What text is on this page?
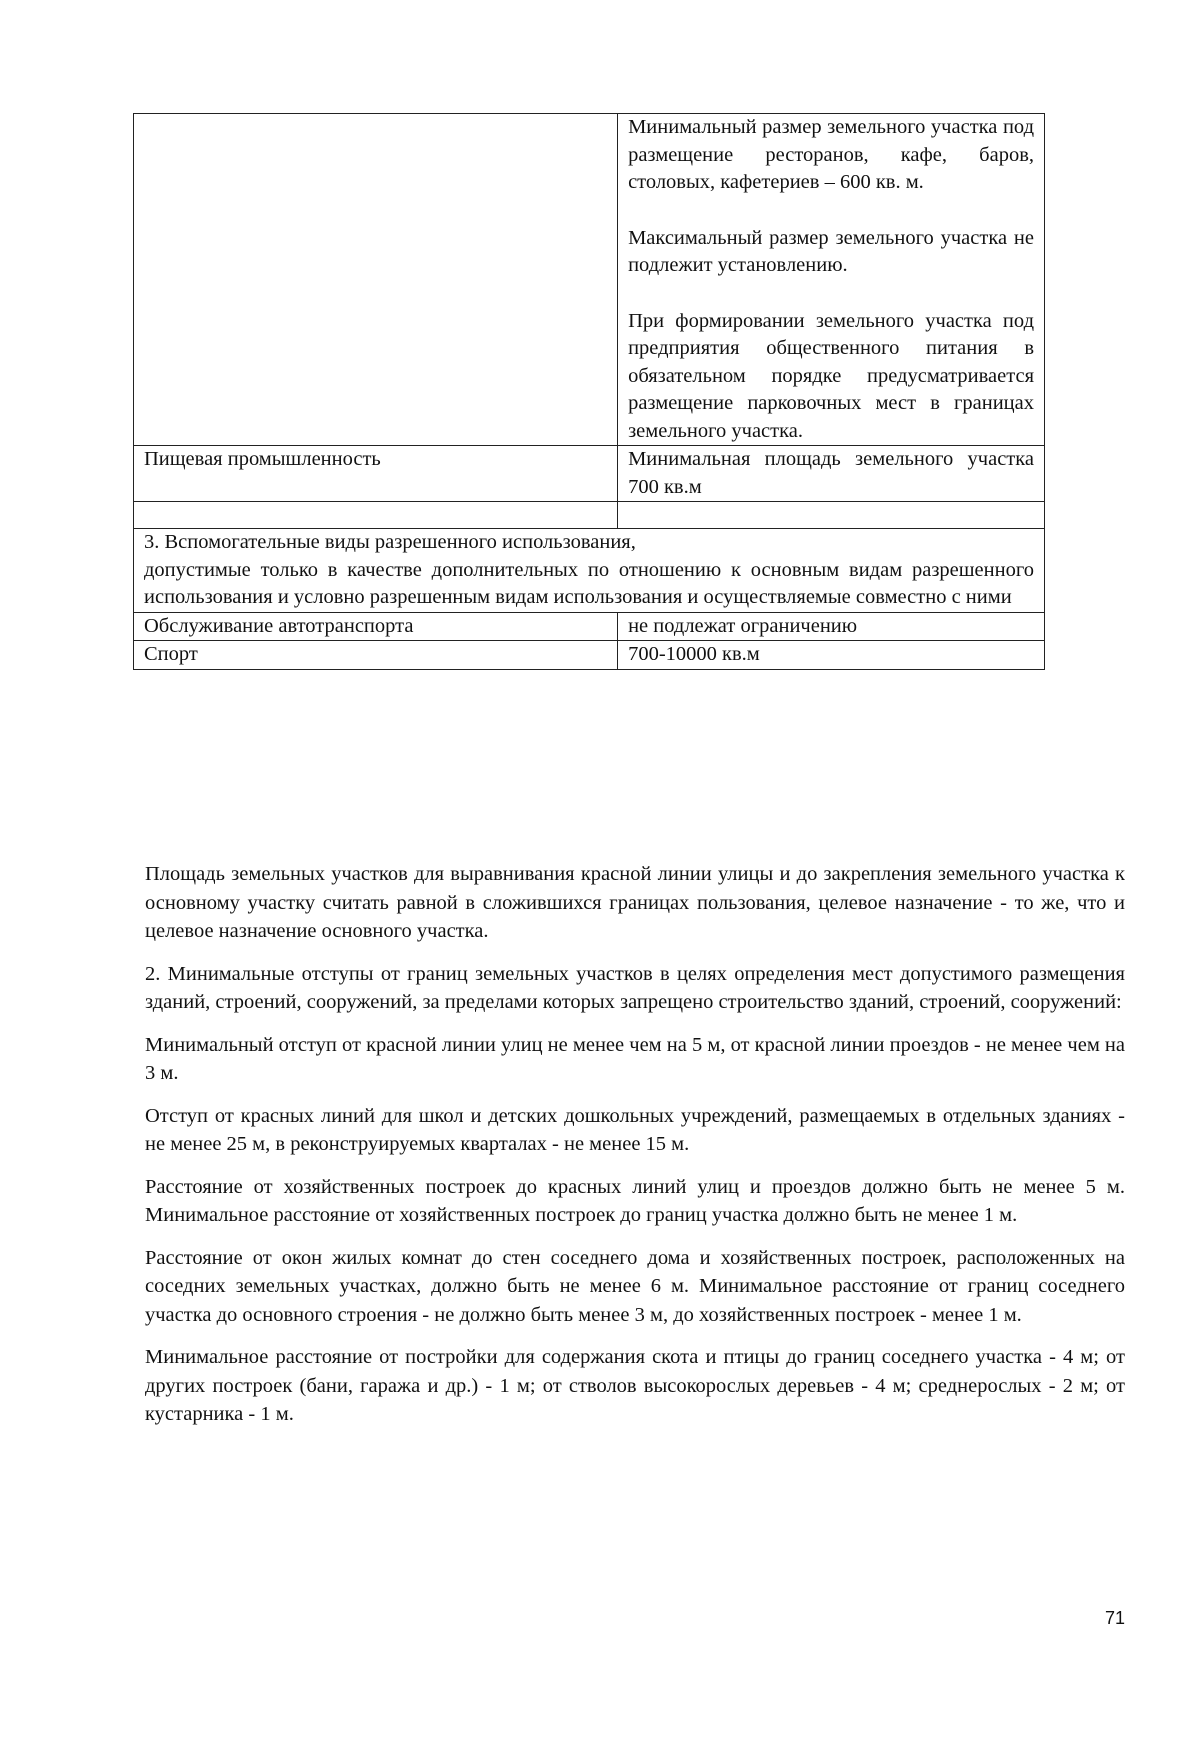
	Минимальный размер земельного участка под размещение ресторанов, кафе, баров, столовых, кафетериев – 600 кв. м.

Максимальный размер земельного участка не подлежит установлению.

При формировании земельного участка под предприятия общественного питания в обязательном порядке предусматривается размещение парковочных мест в границах земельного участка.

Пищевая промышленность	Минимальная площадь земельного участка 700 кв.м

3. Вспомогательные виды разрешенного использования,
допустимые только в качестве дополнительных по отношению к основным видам разрешенного использования и условно разрешенным видам использования и осуществляемые совместно с ними	
Обслуживание автотранспорта	не подлежат ограничению
Спорт	700-10000 кв.м

Площадь земельных участков для выравнивания красной линии улицы и до закрепления земельного участка к основному участку считать равной в сложившихся границах пользования, целевое назначение - то же, что и целевое назначение основного участка.

2. Минимальные отступы от границ земельных участков в целях определения мест допустимого размещения зданий, строений, сооружений, за пределами которых запрещено строительство зданий, строений, сооружений:

Минимальный отступ от красной линии улиц не менее чем на 5 м, от красной линии проездов - не менее чем на 3 м.

Отступ от красных линий для школ и детских дошкольных учреждений, размещаемых в отдельных зданиях - не менее 25 м, в реконструируемых кварталах - не менее 15 м.

Расстояние от хозяйственных построек до красных линий улиц и проездов должно быть не менее 5 м. Минимальное расстояние от хозяйственных построек до границ участка должно быть не менее 1 м.

Расстояние от окон жилых комнат до стен соседнего дома и хозяйственных построек, расположенных на соседних земельных участках, должно быть не менее 6 м. Минимальное расстояние от границ соседнего участка до основного строения - не должно быть менее 3 м, до хозяйственных построек - менее 1 м.

Минимальное расстояние от постройки для содержания скота и птицы до границ соседнего участка - 4 м; от других построек (бани, гаража и др.) - 1 м; от стволов высокорослых деревьев - 4 м; среднерослых - 2 м; от кустарника - 1 м.

71
